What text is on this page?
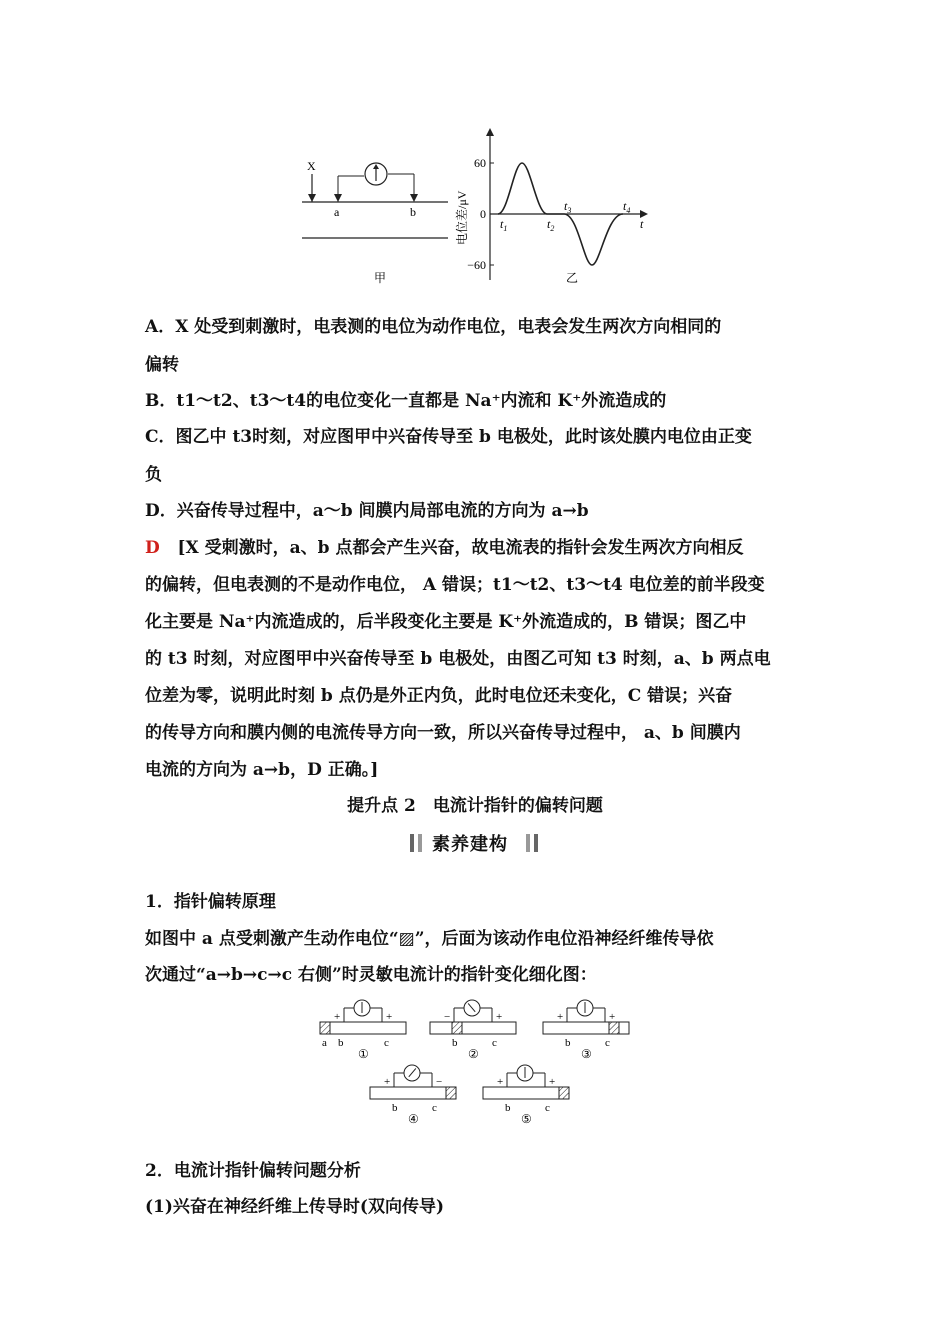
X
a	b
甲
电位差/μV
60
0
−60
$t_1$	$t_2$
$t_3$	$t_4$
t
乙
A．X 处受到刺激时，电表测的电位为动作电位，电表会发生两次方向相同的
偏转
B．t1～t2、t3～t4的电位变化一直都是 Na⁺内流和 K⁺外流造成的
C．图乙中 t3时刻，对应图甲中兴奋传导至 b 电极处，此时该处膜内电位由正变
负
D．兴奋传导过程中，a～b 间膜内局部电流的方向为 a→b
D [X 受刺激时，a、b 点都会产生兴奋，故电流表的指针会发生两次方向相反
的偏转，但电表测的不是动作电位， A 错误；t1～t2、t3～t4 电位差的前半段变
化主要是 Na⁺内流造成的，后半段变化主要是 K⁺外流造成的，B 错误；图乙中
的 t3 时刻，对应图甲中兴奋传导至 b 电极处，由图乙可知 t3 时刻，a、b 两点电
位差为零，说明此时刻 b 点仍是外正内负，此时电位还未变化，C 错误；兴奋
的传导方向和膜内侧的电流传导方向一致，所以兴奋传导过程中， a、b 间膜内
电流的方向为 a→b，D 正确。]
提升点 2　电流计指针的偏转问题
素养建构
1．指针偏转原理
如图中 a 点受刺激产生动作电位“▨”，后面为该动作电位沿神经纤维传导依
次通过“a→b→c→c 右侧”时灵敏电流计的指针变化细化图：
+	+
a b	c
①
−	+
b	c
②
+	+
b	c
③
+	−
b	c
④
+	+
b	c
⑤
2．电流计指针偏转问题分析
(1)兴奋在神经纤维上传导时(双向传导)
